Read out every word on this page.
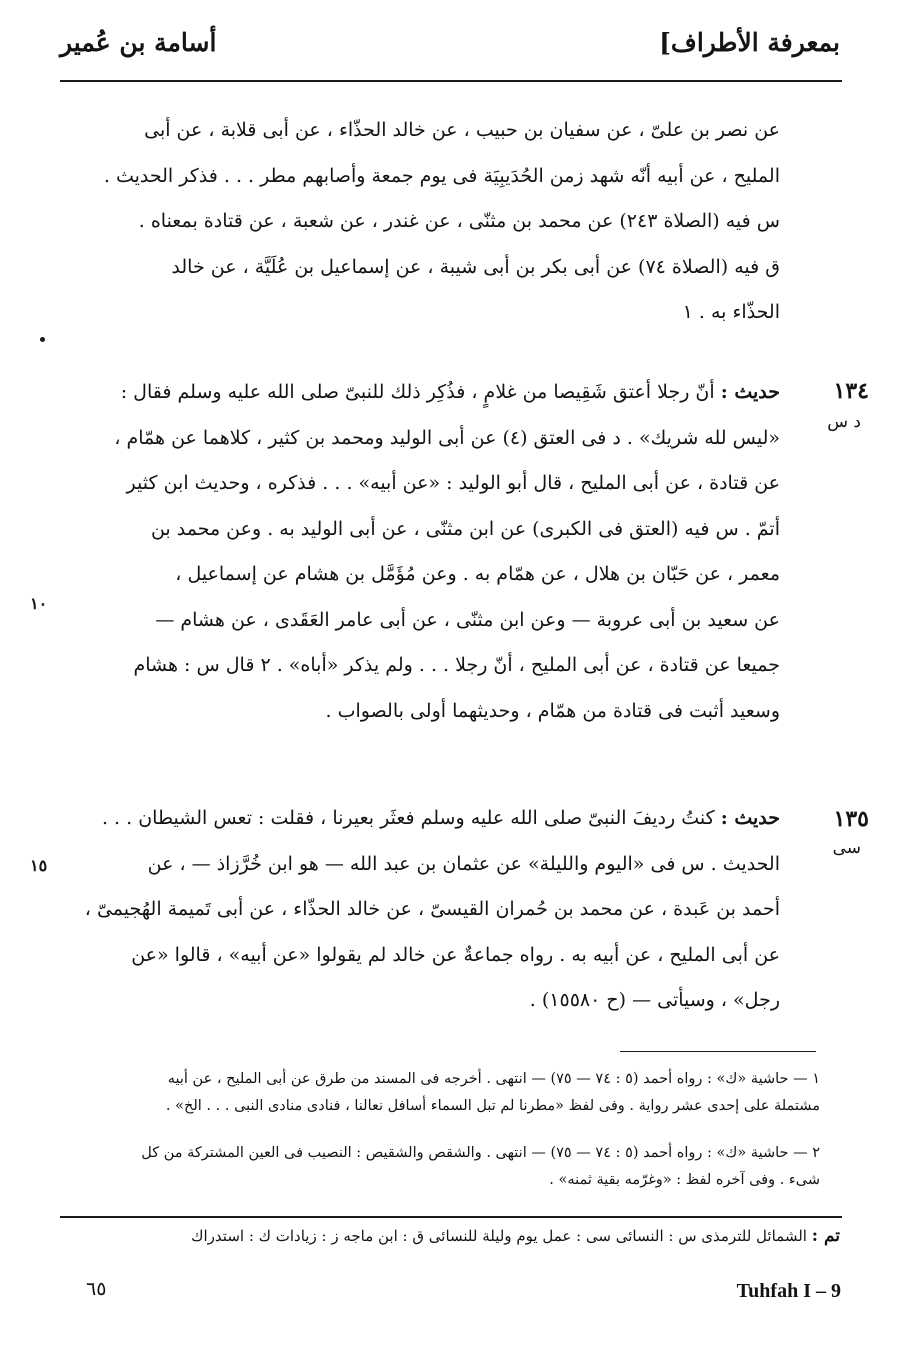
بمعرفة الأطراف]
أسامة بن عُمير
عن نصر بن علىّ ، عن سفيان بن حبيب ، عن خالد الحذّاء ، عن أبى قلابة ، عن أبى
المليح ، عن أبيه أنّه شهد زمن الحُدَيبِيَة فى يوم جمعة وأصابهم مطر . . . فذكر الحديث .
س فيه (الصلاة ٢٤٣) عن محمد بن مثنّى ، عن غندر ، عن شعبة ، عن قتادة بمعناه .
ق فيه (الصلاة ٧٤) عن أبى بكر بن أبى شيبة ، عن إسماعيل بن عُلَيَّة ، عن خالد
الحذّاء به . ١
١٣٤
د س
حديث : أنّ رجلا أعتق شَقِيصا من غلامٍ ، فذُكِر ذلك للنبىّ صلى الله عليه وسلم فقال :
«ليس لله شريك» . د فى العتق (٤) عن أبى الوليد ومحمد بن كثير ، كلاهما عن همّام ،
عن قتادة ، عن أبى المليح ، قال أبو الوليد : «عن أبيه» . . . فذكره ، وحديث ابن كثير
أتمّ . س فيه (العتق فى الكبرى) عن ابن مثنّى ، عن أبى الوليد به . وعن محمد بن
معمر ، عن حَبّان بن هلال ، عن همّام به . وعن مُؤَمَّل بن هشام عن إسماعيل ،
عن سعيد بن أبى عروبة — وعن ابن مثنّى ، عن أبى عامر العَقَدى ، عن هشام —
جميعا عن قتادة ، عن أبى المليح ، أنّ رجلا . . . ولم يذكر «أباه» . ٢ قال س : هشام
وسعيد أثبت فى قتادة من همّام ، وحديثهما أولى بالصواب .
١٠
١٣٥
سى
حديث : كنتُ رديفَ النبىّ صلى الله عليه وسلم فعثَر بعيرنا ، فقلت : تعس الشيطان . . .
الحديث . س فى «اليوم والليلة» عن عثمان بن عبد الله — هو ابن خُرَّزاذ — ، عن
أحمد بن عَبدة ، عن محمد بن حُمران القيسىّ ، عن خالد الحذّاء ، عن أبى تَميمة الهُجيمىّ ،
عن أبى المليح ، عن أبيه به . رواه جماعةٌ عن خالد لم يقولوا «عن أبيه» ، قالوا «عن
رجل» ، وسيأتى — (ح ١٥٥٨٠) .
١٥
١ — حاشية «ك» : رواه أحمد (٥ : ٧٤ — ٧٥) — انتهى . أخرجه فى المسند من طرق عن أبى المليح ، عن أبيه
مشتملة على إحدى عشر رواية . وفى لفظ «مطرنا لم تبل السماء أسافل نعالنا ، فنادى منادى النبى . . . الخ» .
٢ — حاشية «ك» : رواه أحمد (٥ : ٧٤ — ٧٥) — انتهى . والشقص والشقيص : النصيب فى العين المشتركة من كل
شىء . وفى آخره لفظ : «وغرّمه بقية ثمنه» .
تم : الشمائل للترمذى س : النسائى سى : عمل يوم وليلة للنسائى ق : ابن ماجه ز : زيادات ك : استدراك
٦٥	Tuhfah I – 9
